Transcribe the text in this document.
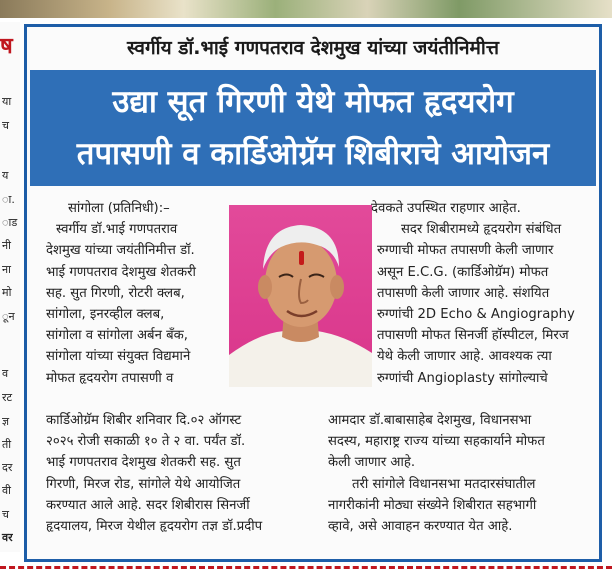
ष
या
च
य
ा.
ाड
नी
ना
मो
ून
व
रट
ज्ञ
ती
दर
वी
च
वर
स्वर्गीय डॉ.भाई गणपतराव देशमुख यांच्या जयंतीनिमीत्त
उद्या सूत गिरणी येथे मोफत हृदयरोग
तपासणी व कार्डिओग्रॅम शिबीराचे आयोजन
सांगोला (प्रतिनिधी):–
स्वर्गीय डॉ.भाई गणपतराव
देशमुख यांच्या जयंतीनिमीत्त डॉ.
भाई गणपतराव देशमुख शेतकरी
सह. सुत गिरणी, रोटरी क्लब,
सांगोला, इनरव्हील क्लब,
सांगोला व सांगोला अर्बन बँक,
सांगोला यांच्या संयुक्त विद्यमाने
मोफत हृदयरोग तपासणी व
कार्डिओग्रॅम शिबीर शनिवार दि.०२ ऑगस्ट
२०२५ रोजी सकाळी १० ते २ वा. पर्यंत डॉ.
भाई गणपतराव देशमुख शेतकरी सह. सुत
गिरणी, मिरज रोड, सांगोले येथे आयोजित
करण्यात आले आहे. सदर शिबीरास सिनर्जी
हृदयालय, मिरज येथील हृदयरोग तज्ञ डॉ.प्रदीप
देवकते उपस्थित राहणार आहेत.
सदर शिबीरामध्ये हृदयरोग संबंधित
रुग्णाची मोफत तपासणी केली जाणार
असून E.C.G. (कार्डिओग्रॅम) मोफत
तपासणी केली जाणार आहे. संशयित
रुग्णांची 2D Echo & Angiography
तपासणी मोफत सिनर्जी हॉस्पीटल, मिरज
येथे केली जाणार आहे. आवश्यक त्या
रुग्णांची Angioplasty सांगोल्याचे
आमदार डॉ.बाबासाहेब देशमुख, विधानसभा
सदस्य, महाराष्ट्र राज्य यांच्या सहकार्याने मोफत
केली जाणार आहे.
तरी सांगोले विधानसभा मतदारसंघातील
नागरीकांनी मोठ्या संख्येने शिबीरात सहभागी
व्हावे, असे आवाहन करण्यात येत आहे.
